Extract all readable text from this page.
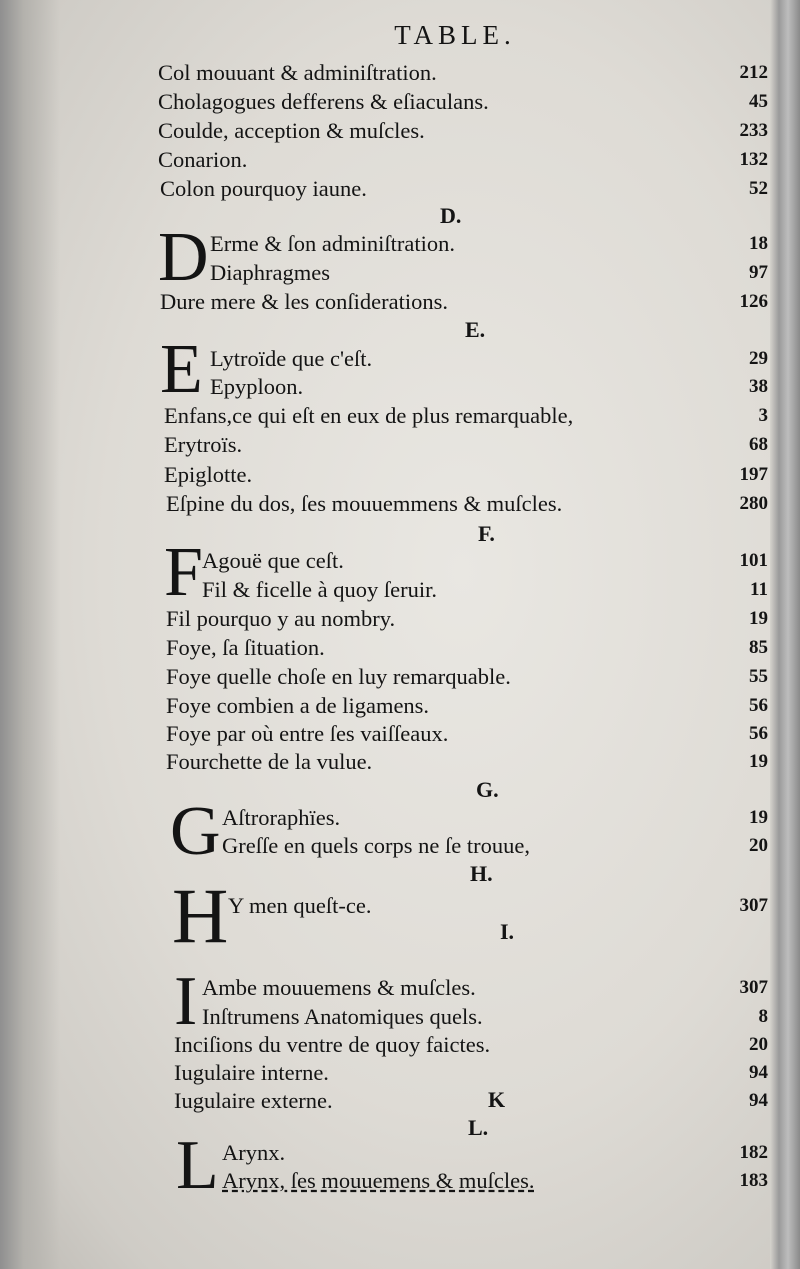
TABLE.
Col mouuant & adminiſtration.	212
Cholagogues defferens & eſiaculans.	45
Coulde, acception & muſcles.	233
Conarion.	132
Colon pourquoy iaune.	52
D.
D Erme & ſon adminiſtration.	18
Diaphragmes	97
Dure mere & les conſiderations.	126
E.
E Lytroïde que c'eſt.	29
Epyploon.	38
Enfans,ce qui eſt en eux de plus remarquable,	3
Erytroïs.	68
Epiglotte.	197
Eſpine du dos, ſes mouuemmens & muſcles.	280
F.
F Agouë que ceſt.	101
Fil & ficelle à quoy ſeruir.	11
Fil pourquo y au nombry.	19
Foye, ſa ſituation.	85
Foye quelle choſe en luy remarquable.	55
Foye combien a de ligamens.	56
Foye par où entre ſes vaiſſeaux.	56
Fourchette de la vulue.	19
G.
G Aſtroraphïes.	19
Greſſe en quels corps ne ſe trouue,	20
H.
H Y men queſt-ce.	307
I.
I Ambe mouuemens & muſcles.	307
Inſtrumens Anatomiques quels.	8
Inciſions du ventre de quoy faictes.	20
Iugulaire interne.	94
Iugulaire externe.	94
K
L.
L Arynx.	182
Arynx, ſes mouuemens & muſcles.	183
